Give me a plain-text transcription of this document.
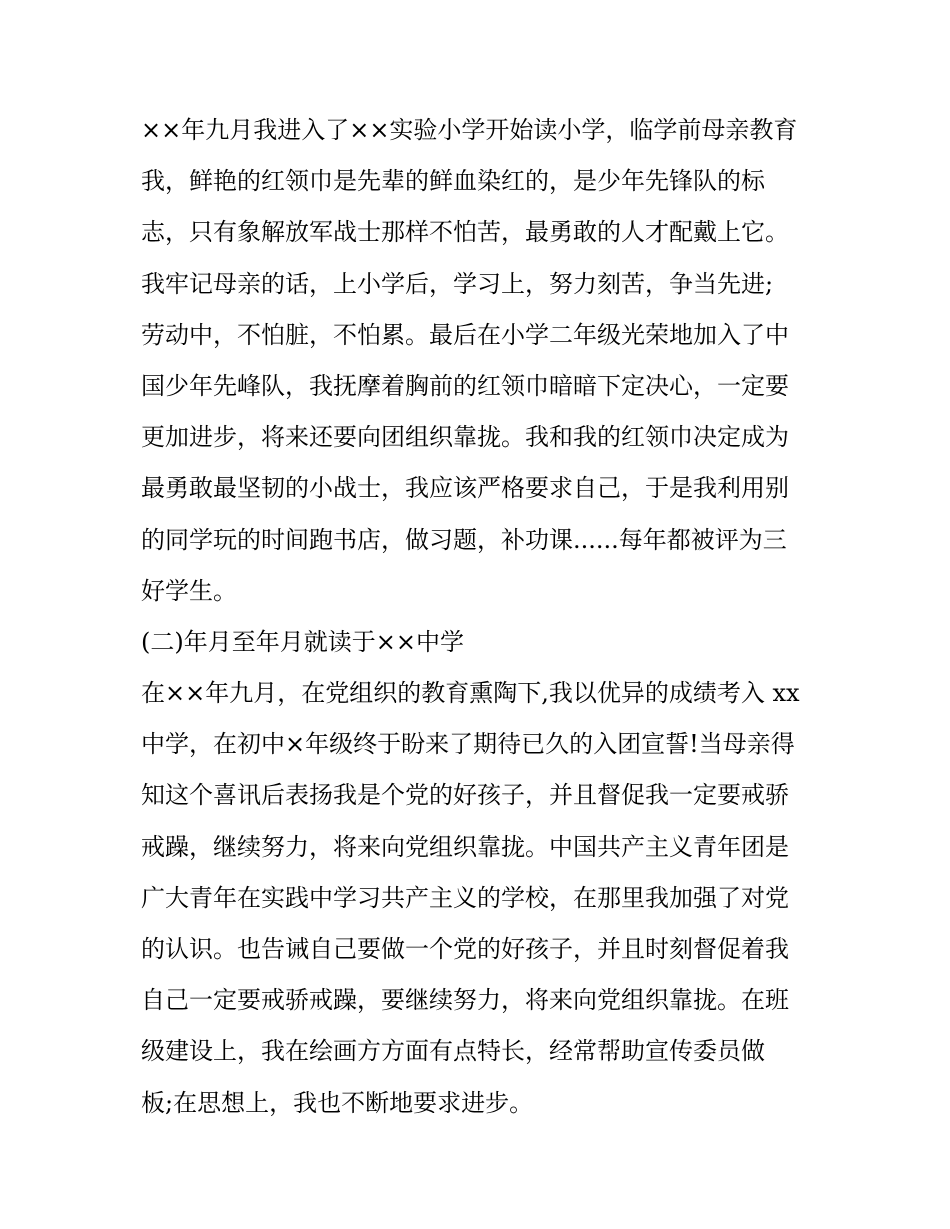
××年九月我进入了××实验小学开始读小学，临学前母亲教育
我，鲜艳的红领巾是先辈的鲜血染红的，是少年先锋队的标
志，只有象解放军战士那样不怕苦，最勇敢的人才配戴上它。
我牢记母亲的话，上小学后，学习上，努力刻苦，争当先进;
劳动中，不怕脏，不怕累。最后在小学二年级光荣地加入了中
国少年先峰队，我抚摩着胸前的红领巾暗暗下定决心，一定要
更加进步，将来还要向团组织靠拢。我和我的红领巾决定成为
最勇敢最坚韧的小战士，我应该严格要求自己，于是我利用别
的同学玩的时间跑书店，做习题，补功课......每年都被评为三
好学生。
(二)年月至年月就读于××中学
在××年九月，在党组织的教育熏陶下,我以优异的成绩考入 xx
中学，在初中×年级终于盼来了期待已久的入团宣誓!当母亲得
知这个喜讯后表扬我是个党的好孩子，并且督促我一定要戒骄
戒躁，继续努力，将来向党组织靠拢。中国共产主义青年团是
广大青年在实践中学习共产主义的学校，在那里我加强了对党
的认识。也告诫自己要做一个党的好孩子，并且时刻督促着我
自己一定要戒骄戒躁，要继续努力，将来向党组织靠拢。在班
级建设上，我在绘画方方面有点特长，经常帮助宣传委员做
板;在思想上，我也不断地要求进步。
